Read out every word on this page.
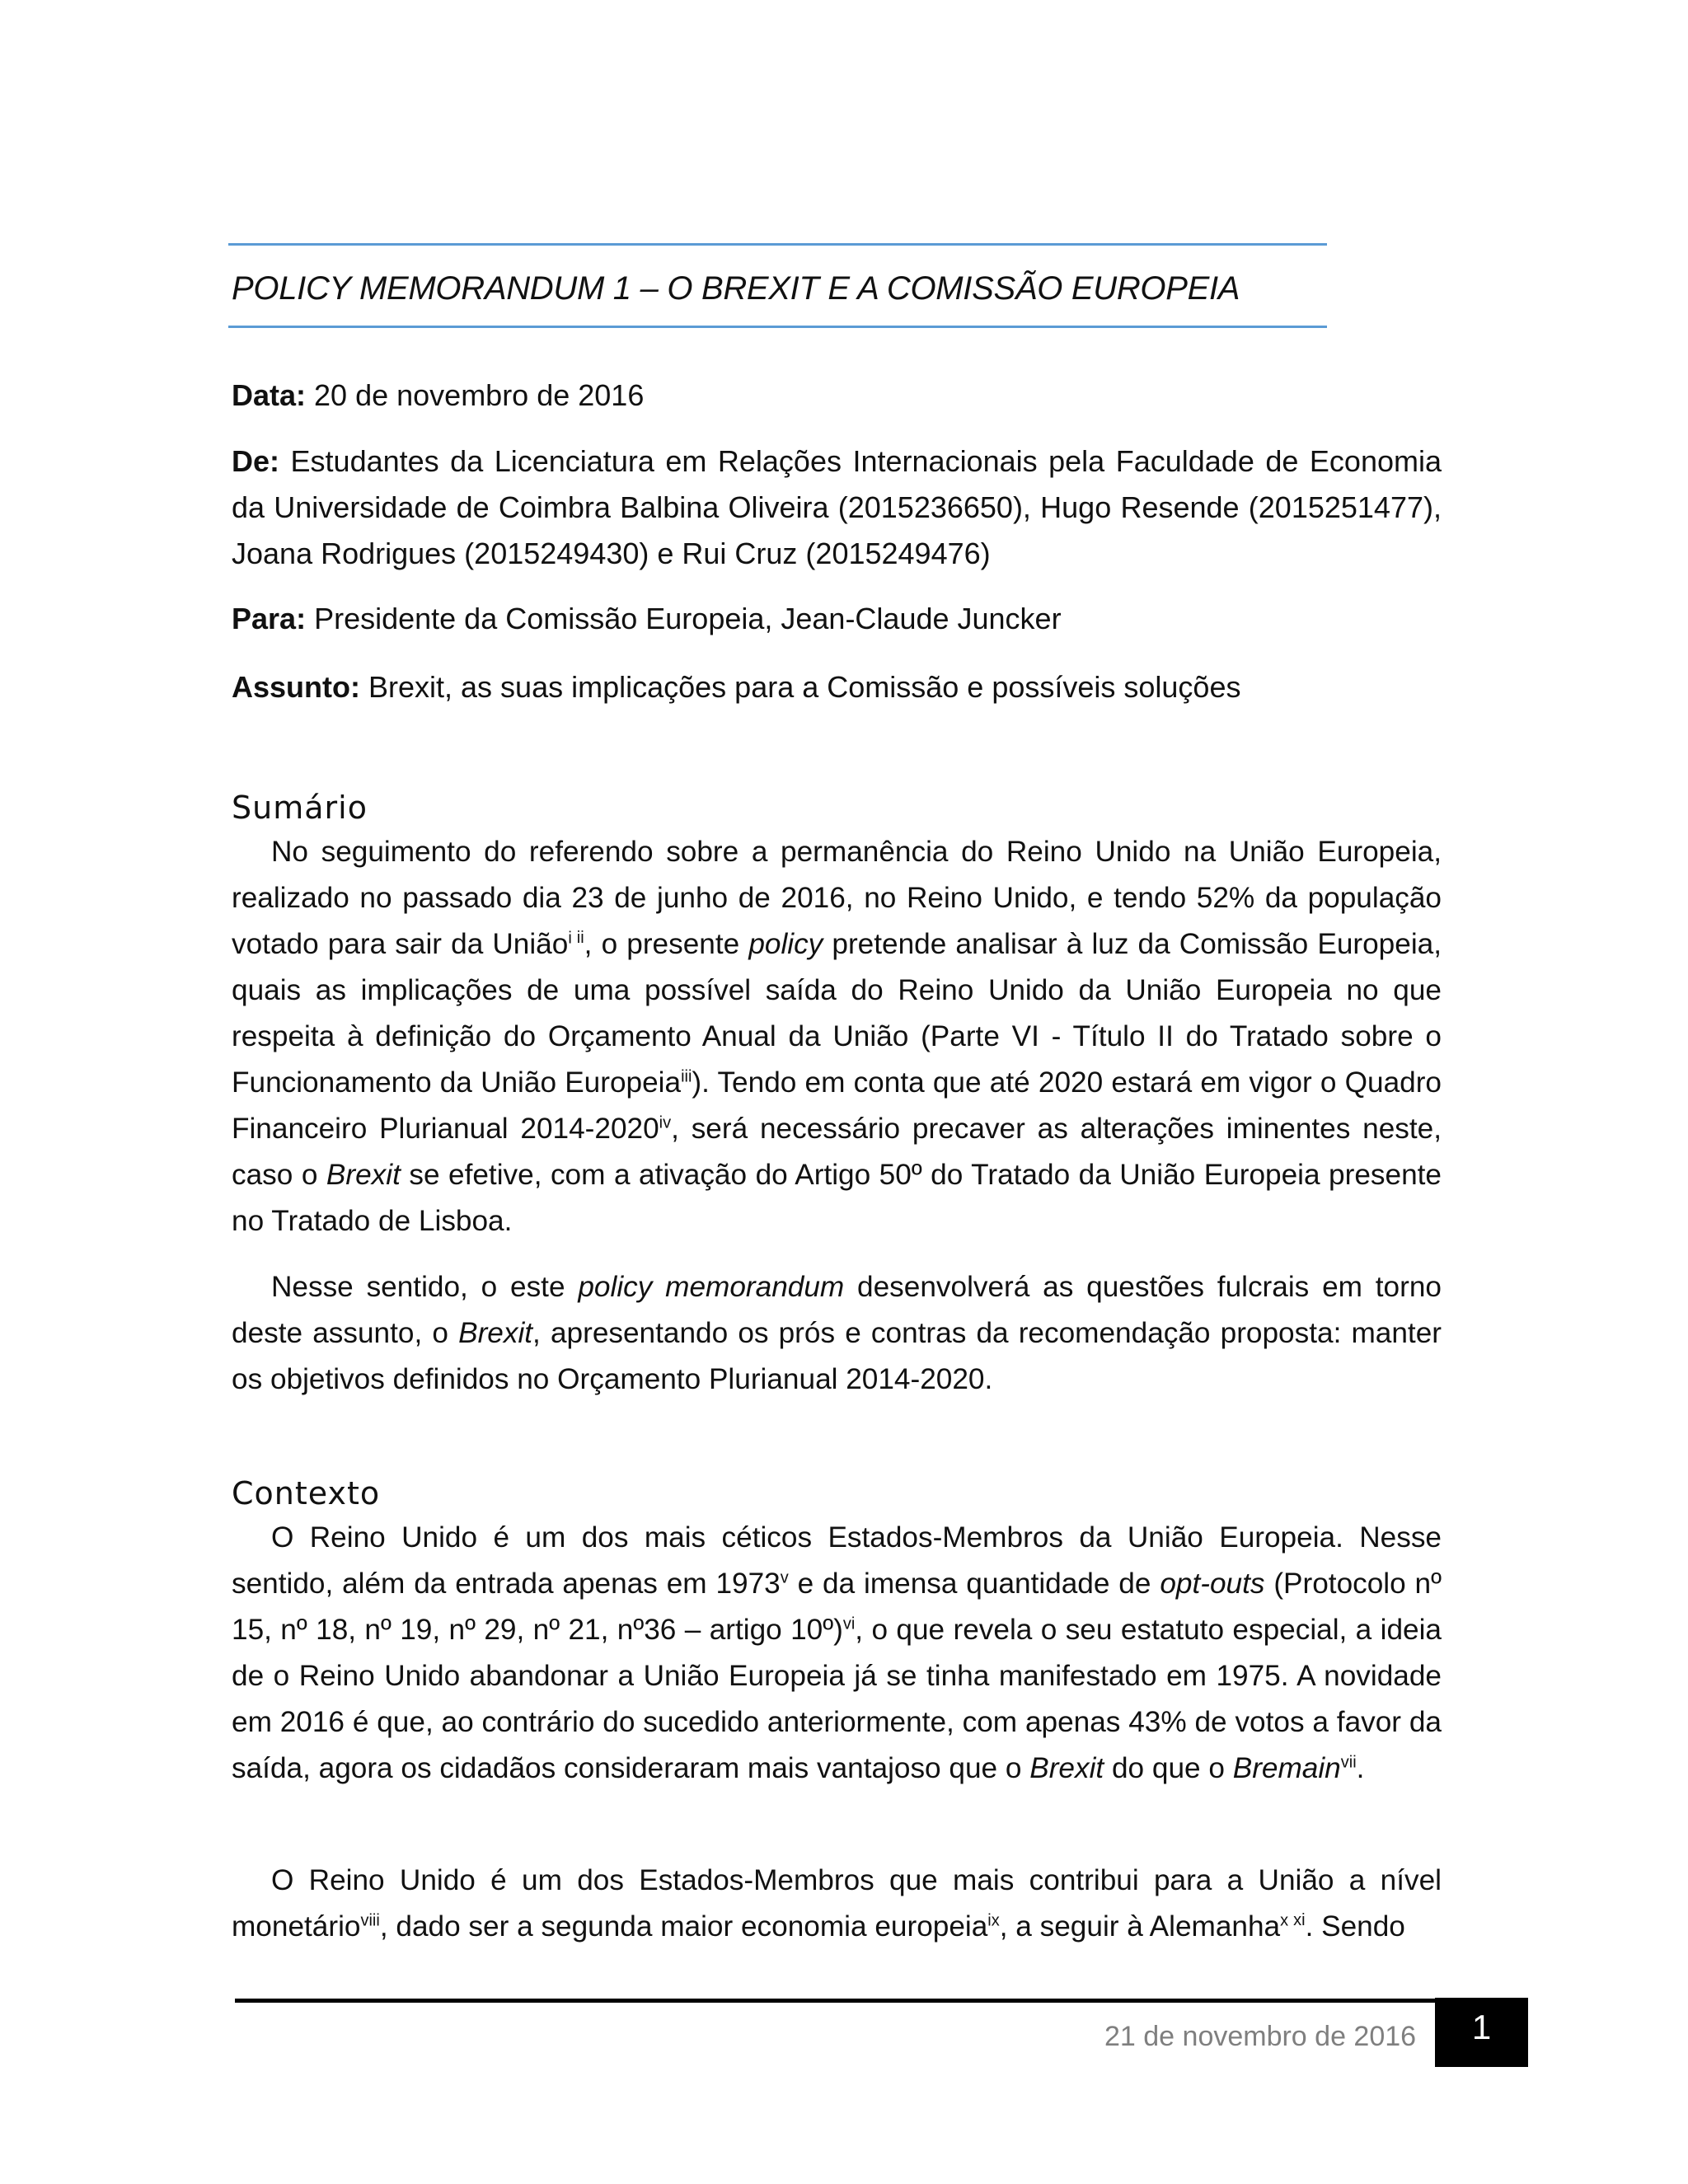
POLICY MEMORANDUM 1 – O BREXIT E A COMISSÃO EUROPEIA
Data: 20 de novembro de 2016
De: Estudantes da Licenciatura em Relações Internacionais pela Faculdade de Economia da Universidade de Coimbra Balbina Oliveira (2015236650), Hugo Resende (2015251477), Joana Rodrigues (2015249430) e Rui Cruz (2015249476)
Para: Presidente da Comissão Europeia, Jean-Claude Juncker
Assunto: Brexit, as suas implicações para a Comissão e possíveis soluções
Sumário

No seguimento do referendo sobre a permanência do Reino Unido na União Europeia, realizado no passado dia 23 de junho de 2016, no Reino Unido, e tendo 52% da população votado para sair da União$^i$ $^{ii}$, o presente policy pretende analisar à luz da Comissão Europeia, quais as implicações de uma possível saída do Reino Unido da União Europeia no que respeita à definição do Orçamento Anual da União (Parte VI - Título II do Tratado sobre o Funcionamento da União Europeia$^{iii}$). Tendo em conta que até 2020 estará em vigor o Quadro Financeiro Plurianual 2014-2020$^{iv}$, será necessário precaver as alterações iminentes neste, caso o Brexit se efetive, com a ativação do Artigo 50º do Tratado da União Europeia presente no Tratado de Lisboa.

Nesse sentido, o este policy memorandum desenvolverá as questões fulcrais em torno deste assunto, o Brexit, apresentando os prós e contras da recomendação proposta: manter os objetivos definidos no Orçamento Plurianual 2014-2020.

Contexto

O Reino Unido é um dos mais céticos Estados-Membros da União Europeia. Nesse sentido, além da entrada apenas em 1973$^v$ e da imensa quantidade de opt-outs (Protocolo nº 15, nº 18, nº 19, nº 29, nº 21, nº36 – artigo 10º)$^{vi}$, o que revela o seu estatuto especial, a ideia de o Reino Unido abandonar a União Europeia já se tinha manifestado em 1975. A novidade em 2016 é que, ao contrário do sucedido anteriormente, com apenas 43% de votos a favor da saída, agora os cidadãos consideraram mais vantajoso que o Brexit do que o Bremain$^{vii}$.

O Reino Unido é um dos Estados-Membros que mais contribui para a União a nível monetário$^{viii}$, dado ser a segunda maior economia europeia$^{ix}$, a seguir à Alemanha$^x$ $^{xi}$. Sendo

21 de novembro de 2016	1
